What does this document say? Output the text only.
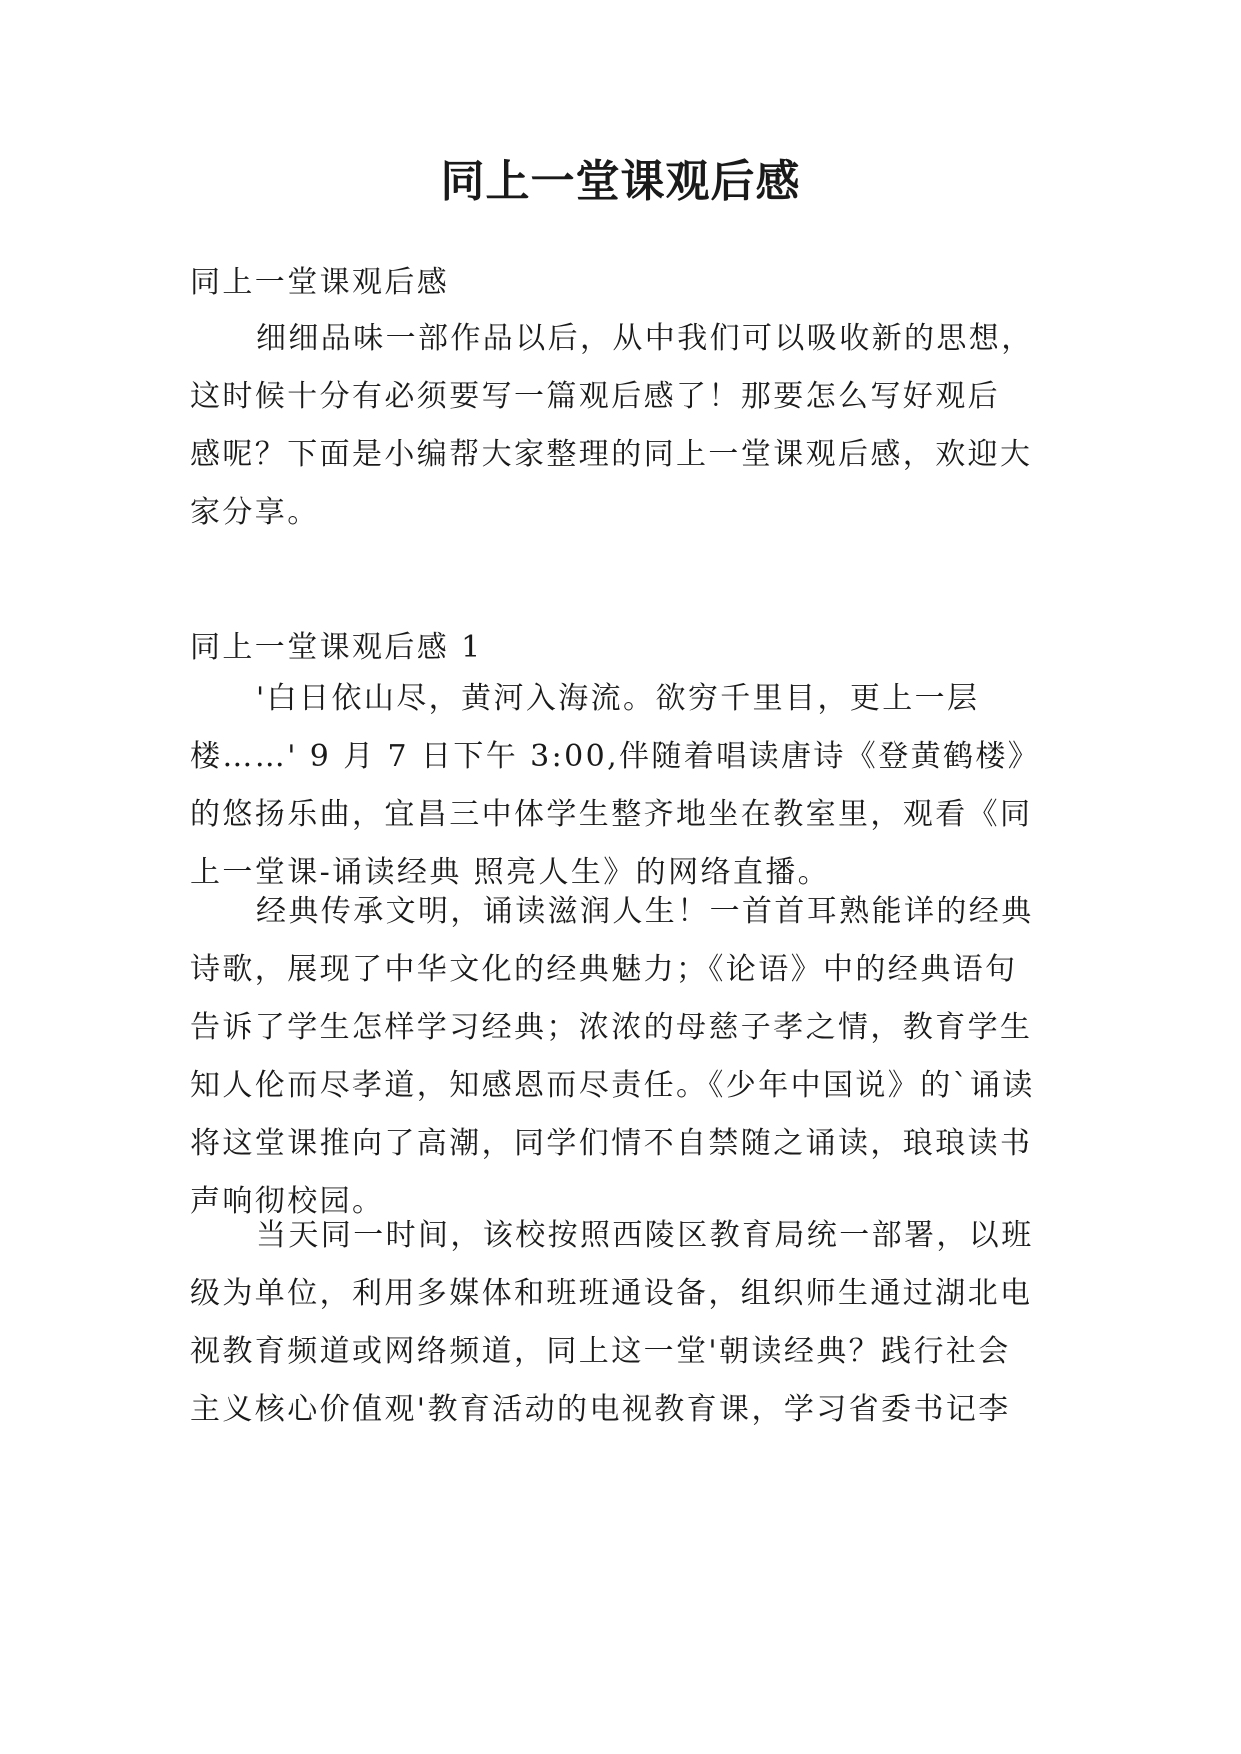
同上一堂课观后感
同上一堂课观后感
细细品味一部作品以后，从中我们可以吸收新的思想，
这时候十分有必须要写一篇观后感了！那要怎么写好观后
感呢？下面是小编帮大家整理的同上一堂课观后感，欢迎大
家分享。
同上一堂课观后感 1
'白日依山尽，黄河入海流。欲穷千里目，更上一层
楼……' 9 月 7 日下午 3:00,伴随着唱读唐诗《登黄鹤楼》
的悠扬乐曲，宜昌三中体学生整齐地坐在教室里，观看《同
上一堂课-诵读经典 照亮人生》的网络直播。
经典传承文明，诵读滋润人生！一首首耳熟能详的经典
诗歌，展现了中华文化的经典魅力；《论语》中的经典语句
告诉了学生怎样学习经典；浓浓的母慈子孝之情，教育学生
知人伦而尽孝道，知感恩而尽责任。《少年中国说》的`诵读
将这堂课推向了高潮，同学们情不自禁随之诵读，琅琅读书
声响彻校园。
当天同一时间，该校按照西陵区教育局统一部署，以班
级为单位，利用多媒体和班班通设备，组织师生通过湖北电
视教育频道或网络频道，同上这一堂'朝读经典？践行社会
主义核心价值观'教育活动的电视教育课，学习省委书记李
